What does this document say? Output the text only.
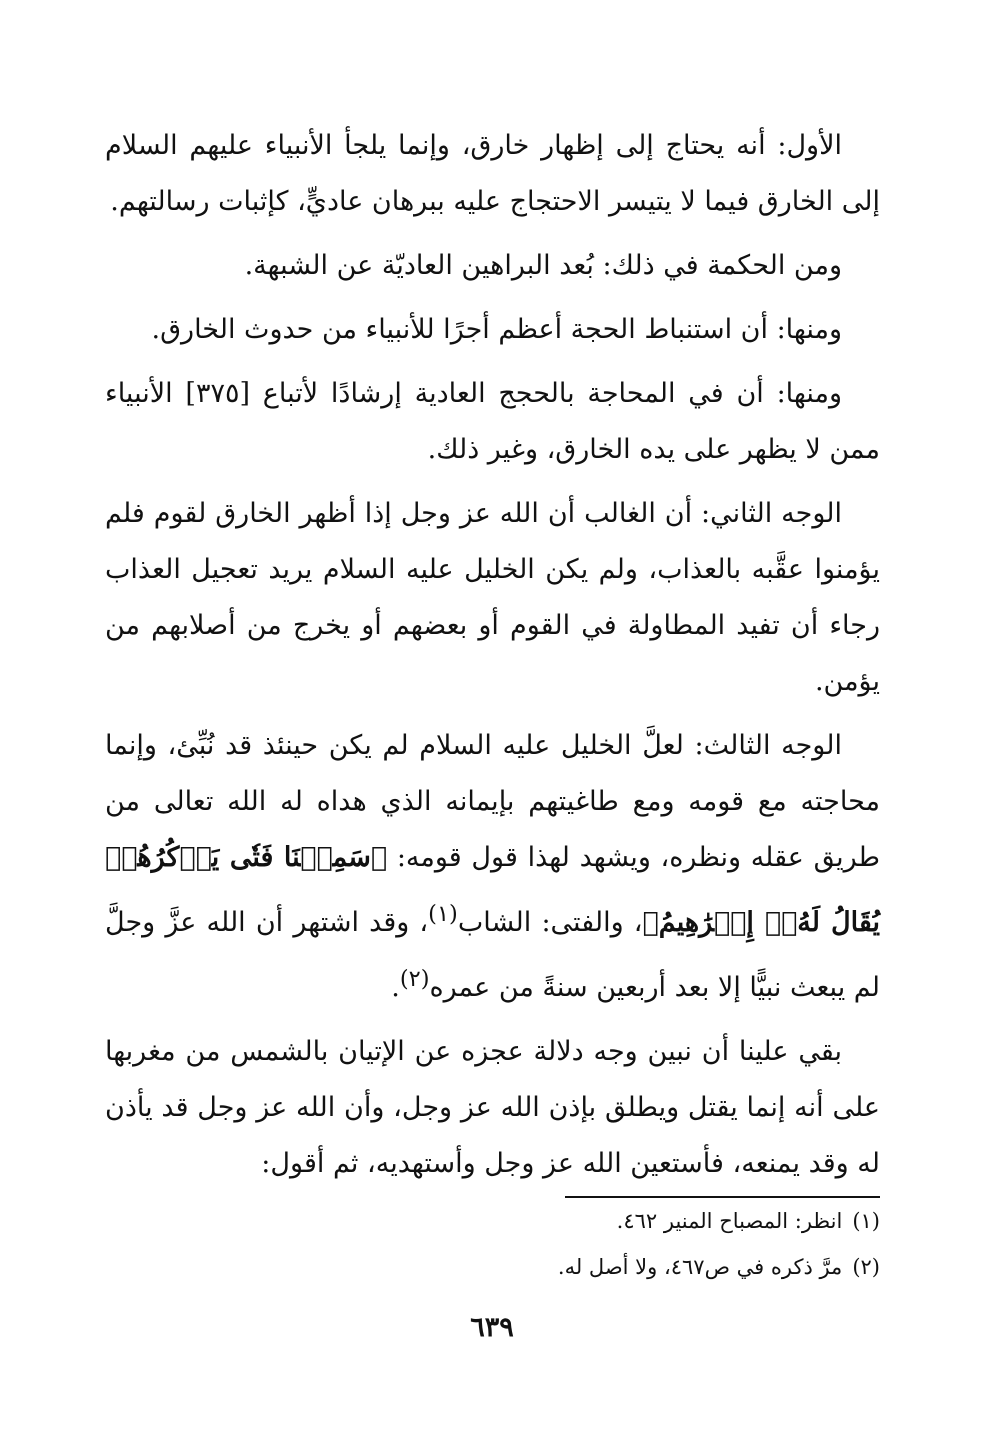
الأول: أنه يحتاج إلى إظهار خارق، وإنما يلجأ الأنبياء عليهم السلام إلى الخارق فيما لا يتيسر الاحتجاج عليه ببرهان عاديٍّ، كإثبات رسالتهم.

ومن الحكمة في ذلك: بُعد البراهين العاديّة عن الشبهة.

ومنها: أن استنباط الحجة أعظم أجرًا للأنبياء من حدوث الخارق.

ومنها: أن في المحاجة بالحجج العادية إرشادًا لأتباع [٣٧٥] الأنبياء ممن لا يظهر على يده الخارق، وغير ذلك.

الوجه الثاني: أن الغالب أن الله عز وجل إذا أظهر الخارق لقوم فلم يؤمنوا عقَّبه بالعذاب، ولم يكن الخليل عليه السلام يريد تعجيل العذاب رجاء أن تفيد المطاولة في القوم أو بعضهم أو يخرج من أصلابهم من يؤمن.

الوجه الثالث: لعلَّ الخليل عليه السلام لم يكن حينئذ قد نُبِّئ، وإنما محاجته مع قومه ومع طاغيتهم بإيمانه الذي هداه له الله تعالى من طريق عقله ونظره، ويشهد لهذا قول قومه: ﴿سَمِعۡنَا فَتٗى يَذۡكُرُهُمۡ يُقَالُ لَهُۥٓ إِبۡرَٰهِيمُ﴾، والفتى: الشاب$^{(١)}$، وقد اشتهر أن الله عزَّ وجلَّ لم يبعث نبيًّا إلا بعد أربعين سنةً من عمره$^{(٢)}$.

بقي علينا أن نبين وجه دلالة عجزه عن الإتيان بالشمس من مغربها على أنه إنما يقتل ويطلق بإذن الله عز وجل، وأن الله عز وجل قد يأذن له وقد يمنعه، فأستعين الله عز وجل وأستهديه، ثم أقول:

(١)انظر: المصباح المنير ٤٦٢.

(٢)مرَّ ذكره في ص٤٦٧، ولا أصل له.

٦٣٩
